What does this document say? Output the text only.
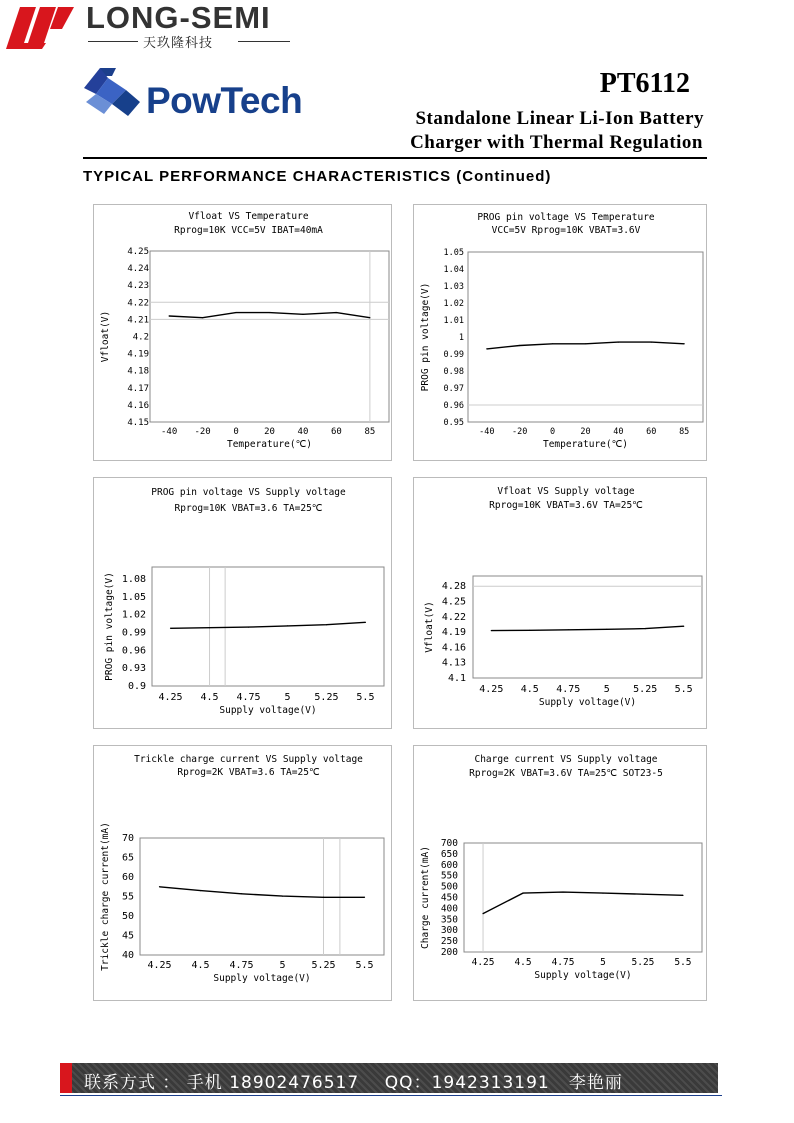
LONG-SEMI
天玖隆科技
PowTech	PT6112
Standalone Linear Li-Ion Battery
Charger with Thermal Regulation
TYPICAL PERFORMANCE CHARACTERISTICS (Continued)
Vfloat VS Temperature
Rprog=10K VCC=5V IBAT=40mA
4.25
4.24
4.23
4.22
4.21
4.2
4.19
4.18
4.17
4.16
4.15
-40 -20	0	20	40	60	85
Temperature(℃)
Vfloat(V)
PROG pin voltage VS Temperature
VCC=5V Rprog=10K VBAT=3.6V
1.05
1.04
1.03
1.02
1.01
1
0.99
0.98
0.97
0.96
0.95
-40 -20	0	20	40	60	85
Temperature(℃)
PROG pin voltage(V)
PROG pin voltage VS Supply voltage
Rprog=10K VBAT=3.6 TA=25℃
1.08
1.05
1.02
0.99
0.96
0.93
0.9
4.25 4.5 4.75 5 5.25 5.5
Supply voltage(V)
PROG pin voltage(V)
Vfloat VS Supply voltage
Rprog=10K VBAT=3.6V TA=25℃
4.28
4.25
4.22
4.19
4.16
4.13
4.1
4.25 4.5 4.75 5 5.25 5.5
Supply voltage(V)
Vfloat(V)
Trickle charge current VS Supply voltage
Rprog=2K VBAT=3.6 TA=25℃
70
65
60
55
50
45
40
4.25 4.5 4.75	5	5.25 5.5
Supply voltage(V)
Trickle charge current(mA)
Charge current VS Supply voltage
Rprog=2K VBAT=3.6V TA=25℃ SOT23-5
700
650
600
550
500
450
400
350
300
250
200
4.25 4.5 4.75	5	5.25 5.5
Supply voltage(V)
Charge current(mA)
联系方式 ： 手机 18902476517    QQ：1942313191   李艳丽
